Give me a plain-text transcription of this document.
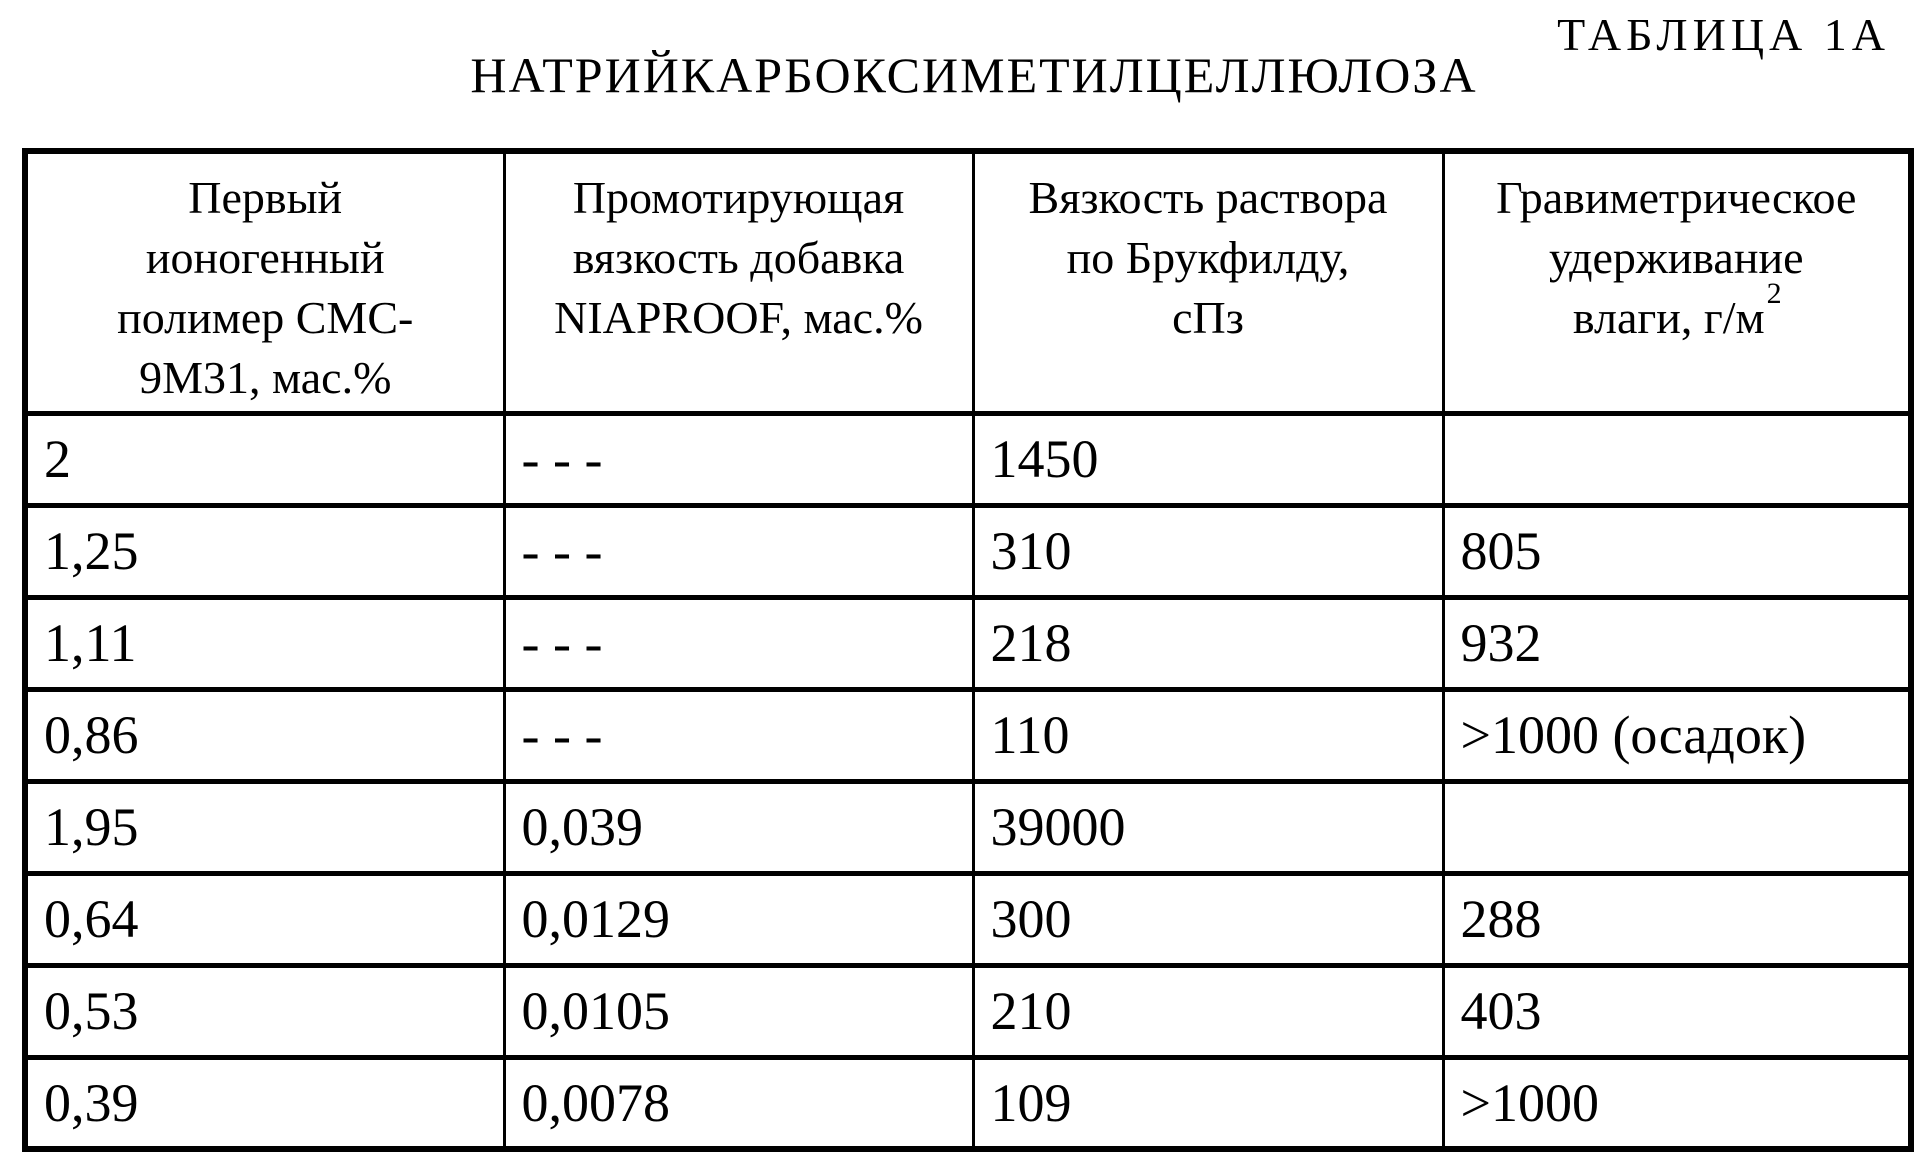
ТАБЛИЦА 1А
НАТРИЙКАРБОКСИМЕТИЛЦЕЛЛЮЛОЗА
Первый
ионогенный
полимер СМС-
9М31, мас.%

Промотирующая
вязкость добавка
NIAPROOF, мас.%

Вязкость раствора
по Брукфилду,
сПз

Гравиметрическое
удерживание
влаги, $г/м^2$

2	- - -	1450	
1,25	- - -	310	805
1,11	- - -	218	932
0,86	- - -	110	>1000 (осадок)
1,95	0,039	39000	
0,64	0,0129	300	288
0,53	0,0105	210	403
0,39	0,0078	109	>1000
